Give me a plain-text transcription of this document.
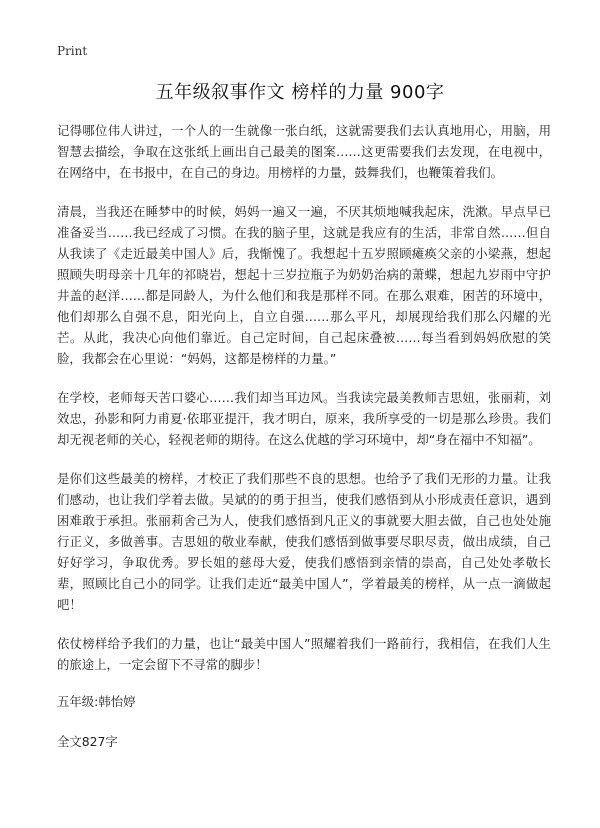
Print
五年级叙事作文 榜样的力量 900字

记得哪位伟人讲过，一个人的一生就像一张白纸，这就需要我们去认真地用心，用脑，用智慧去描绘，争取在这张纸上画出自己最美的图案……这更需要我们去发现，在电视中，在网络中，在书报中，在自己的身边。用榜样的力量，鼓舞我们，也鞭策着我们。

清晨，当我还在睡梦中的时候，妈妈一遍又一遍，不厌其烦地喊我起床，洗漱。早点早已准备妥当……我已经成了习惯。在我的脑子里，这就是我应有的生活，非常自然……但自从我读了《走近最美中国人》后，我惭愧了。我想起十五岁照顾瘫痪父亲的小梁燕，想起照顾失明母亲十几年的祁晓岩，想起十三岁拉瓶子为奶奶治病的萧蝶，想起九岁雨中守护井盖的赵洋……都是同龄人，为什么他们和我是那样不同。在那么艰难，困苦的环境中，他们却那么自强不息，阳光向上，自立自强……那么平凡，却展现给我们那么闪耀的光芒。从此，我决心向他们靠近。自己定时间，自己起床叠被……每当看到妈妈欣慰的笑脸，我都会在心里说：“妈妈，这都是榜样的力量。”

在学校，老师每天苦口婆心……我们却当耳边风。当我读完最美教师吉思妞，张丽莉，刘效忠，孙影和阿力甫夏·依耶亚提汗，我才明白，原来，我所享受的一切是那么珍贵。我们却无视老师的关心，轻视老师的期待。在这么优越的学习环境中，却“身在福中不知福”。

是你们这些最美的榜样，才校正了我们那些不良的思想。也给予了我们无形的力量。让我们感动，也让我们学着去做。吴斌的的勇于担当，使我们感悟到从小形成责任意识，遇到困难敢于承担。张丽莉舍己为人，使我们感悟到凡正义的事就要大胆去做，自己也处处施行正义，多做善事。吉思妞的敬业奉献，使我们感悟到做事要尽职尽责，做出成绩，自己好好学习，争取优秀。罗长姐的慈母大爱，使我们感悟到亲情的崇高，自己处处孝敬长辈，照顾比自己小的同学。让我们走近“最美中国人”，学着最美的榜样，从一点一滴做起吧！

依仗榜样给予我们的力量，也让“最美中国人”照耀着我们一路前行，我相信，在我们人生的旅途上，一定会留下不寻常的脚步！

五年级:韩怡婷

全文827字
